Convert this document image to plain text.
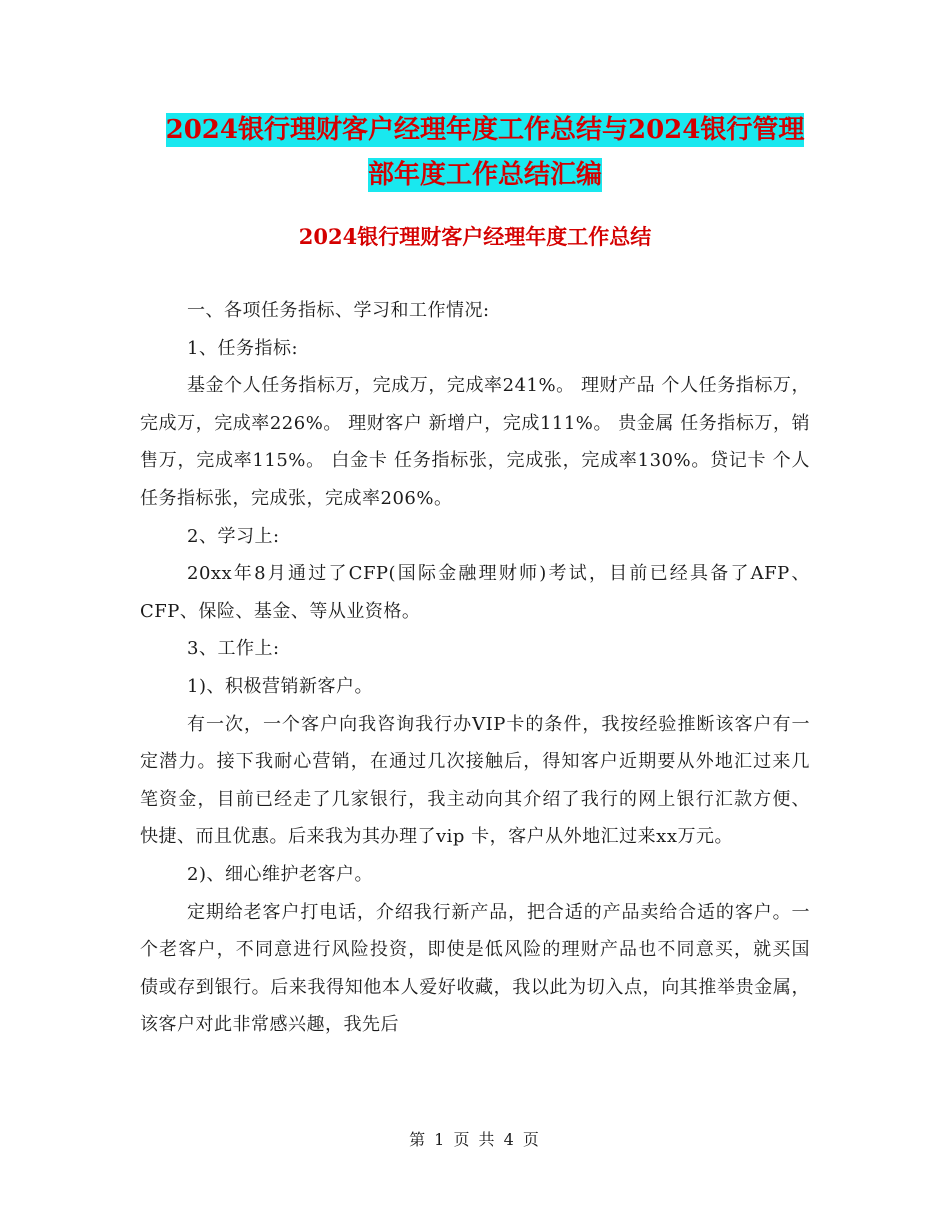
2024银行理财客户经理年度工作总结与2024银行管理
部年度工作总结汇编
2024银行理财客户经理年度工作总结

一、各项任务指标、学习和工作情况:

1、任务指标:

基金个人任务指标万，完成万，完成率241%。 理财产品 个人任务指标万，完成万，完成率226%。 理财客户 新增户，完成111%。 贵金属 任务指标万，销售万，完成率115%。 白金卡 任务指标张，完成张，完成率130%。贷记卡 个人任务指标张，完成张，完成率206%。

2、学习上:

20xx年8月通过了CFP(国际金融理财师)考试，目前已经具备了AFP、 CFP、保险、基金、等从业资格。

3、工作上:

1)、积极营销新客户。

有一次，一个客户向我咨询我行办VIP卡的条件，我按经验推断该客户有一 定潜力。接下我耐心营销，在通过几次接触后，得知客户近期要从外地汇过来几 笔资金，目前已经走了几家银行，我主动向其介绍了我行的网上银行汇款方便、 快捷、而且优惠。后来我为其办理了vip 卡，客户从外地汇过来xx万元。

2)、细心维护老客户。

定期给老客户打电话，介绍我行新产品，把合适的产品卖给合适的客户。一 个老客户，不同意进行风险投资，即使是低风险的理财产品也不同意买，就买国 债或存到银行。后来我得知他本人爱好收藏，我以此为切入点，向其推举贵金属，该客户对此非常感兴趣，我先后

第 1 页 共 4 页
